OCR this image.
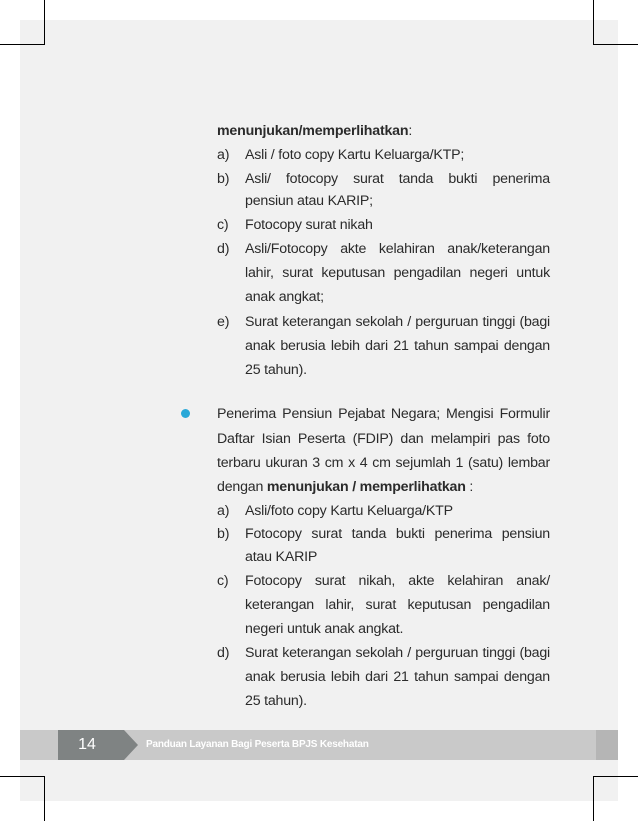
menunjukan/memperlihatkan:
a) Asli / foto copy Kartu Keluarga/KTP;
b) Asli/ fotocopy surat tanda bukti penerima
pensiun atau KARIP;
c) Fotocopy surat nikah
d) Asli/Fotocopy akte kelahiran anak/keterangan
lahir, surat keputusan pengadilan negeri untuk
anak angkat;
e) Surat keterangan sekolah / perguruan tinggi (bagi
anak berusia lebih dari 21 tahun sampai dengan
25 tahun).
Penerima Pensiun Pejabat Negara; Mengisi Formulir
Daftar Isian Peserta (FDIP) dan melampiri pas foto
terbaru ukuran 3 cm x 4 cm sejumlah 1 (satu) lembar
dengan menunjukan / memperlihatkan :
a) Asli/foto copy Kartu Keluarga/KTP
b) Fotocopy surat tanda bukti penerima pensiun
atau KARIP
c) Fotocopy surat nikah, akte kelahiran anak/
keterangan lahir, surat keputusan pengadilan
negeri untuk anak angkat.
d) Surat keterangan sekolah / perguruan tinggi (bagi
anak berusia lebih dari 21 tahun sampai dengan
25 tahun).
14	Panduan Layanan Bagi Peserta BPJS Kesehatan
